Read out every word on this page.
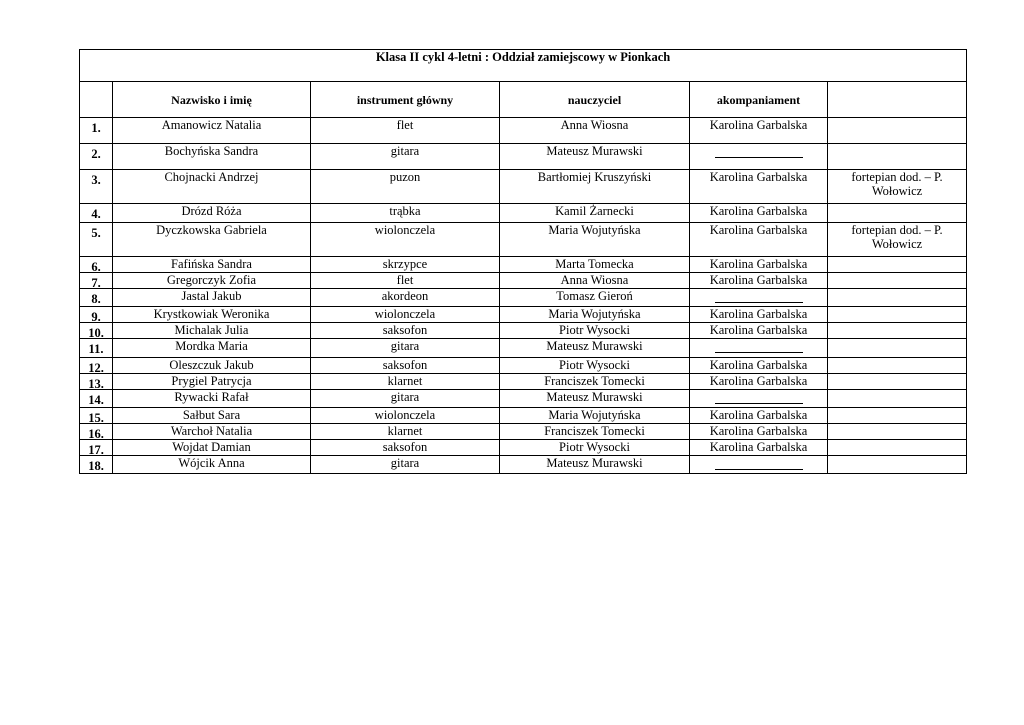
Klasa II cykl 4-letni : Oddział zamiejscowy w Pionkach					
	Nazwisko i imię	instrument główny	nauczyciel	akompaniament	
1.	Amanowicz Natalia	flet	Anna Wiosna	Karolina Garbalska	
2.	Bochyńska Sandra	gitara	Mateusz Murawski		
3.	Chojnacki Andrzej	puzon	Bartłomiej Kruszyński	Karolina Garbalska	fortepian dod. – P. Wołowicz
4.	Drózd Róża	trąbka	Kamil Żarnecki	Karolina Garbalska	
5.	Dyczkowska Gabriela	wiolonczela	Maria Wojutyńska	Karolina Garbalska	fortepian dod. – P. Wołowicz
6.	Fafińska Sandra	skrzypce	Marta Tomecka	Karolina Garbalska	
7.	Gregorczyk Zofia	flet	Anna Wiosna	Karolina Garbalska	
8.	Jastal Jakub	akordeon	Tomasz Gieroń		
9.	Krystkowiak Weronika	wiolonczela	Maria Wojutyńska	Karolina Garbalska	
10.	Michalak Julia	saksofon	Piotr Wysocki	Karolina Garbalska	
11.	Mordka Maria	gitara	Mateusz Murawski		
12.	Oleszczuk Jakub	saksofon	Piotr Wysocki	Karolina Garbalska	
13.	Prygiel Patrycja	klarnet	Franciszek Tomecki	Karolina Garbalska	
14.	Rywacki Rafał	gitara	Mateusz Murawski		
15.	Sałbut Sara	wiolonczela	Maria Wojutyńska	Karolina Garbalska	
16.	Warchoł Natalia	klarnet	Franciszek Tomecki	Karolina Garbalska	
17.	Wojdat Damian	saksofon	Piotr Wysocki	Karolina Garbalska	
18.	Wójcik Anna	gitara	Mateusz Murawski		
